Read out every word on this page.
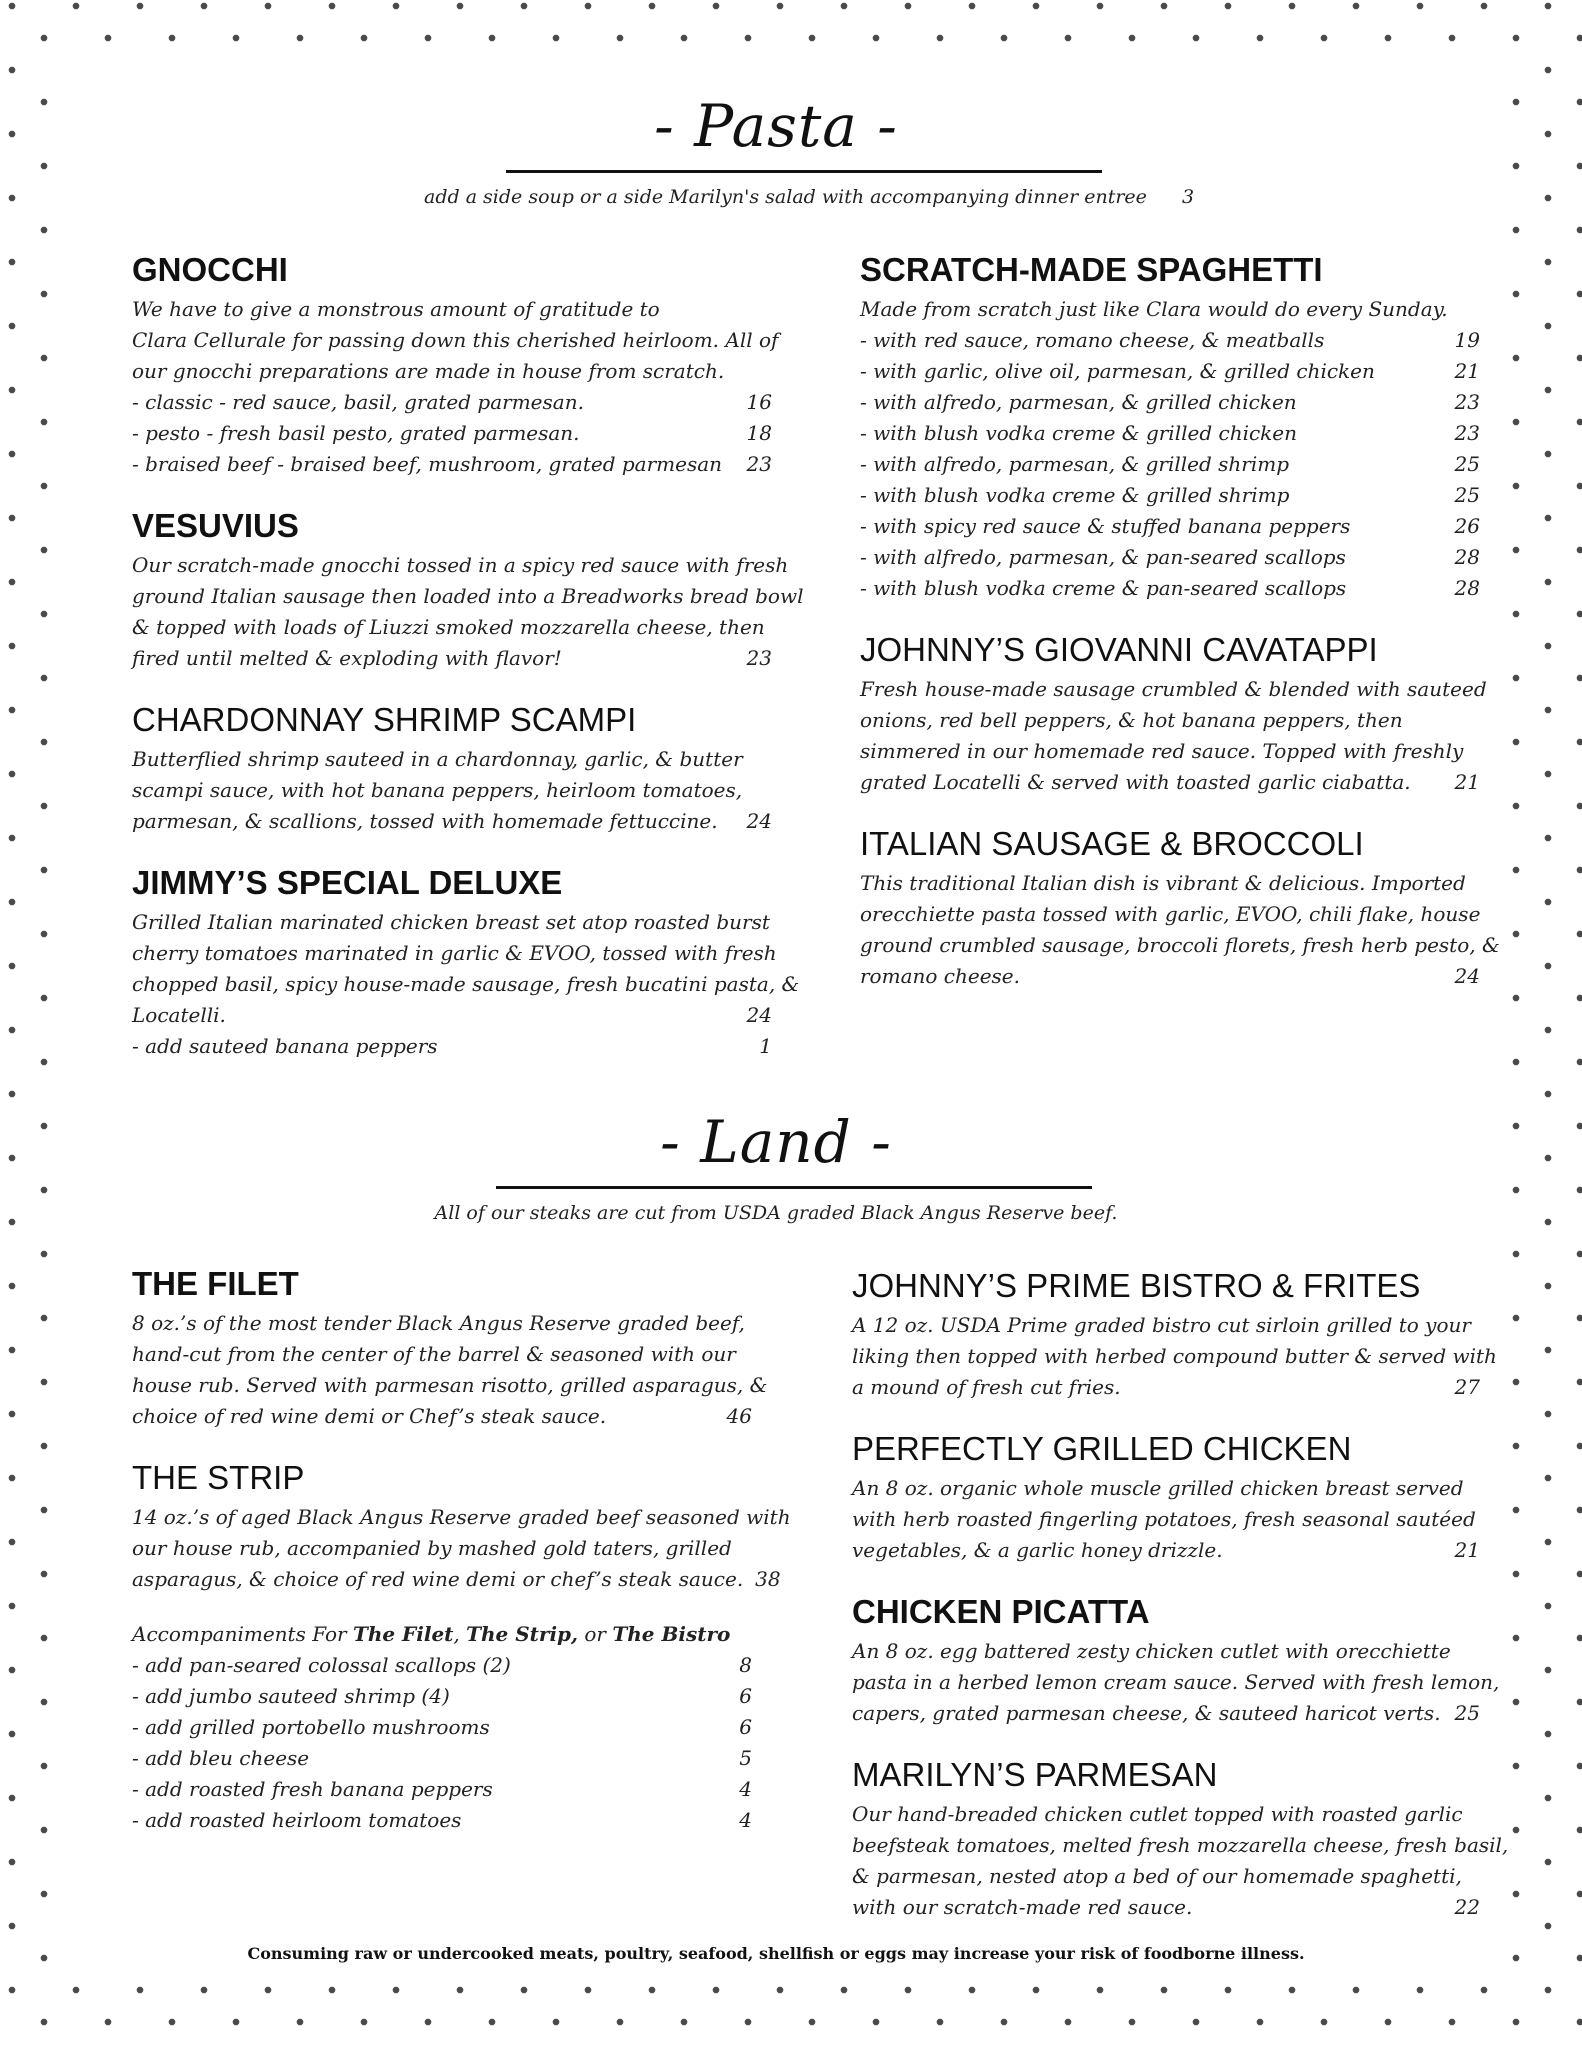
- Pasta -
add a side soup or a side Marilyn's salad with accompanying dinner entree 3
GNOCCHI
We have to give a monstrous amount of gratitude to
Clara Cellurale for passing down this cherished heirloom. All of
our gnocchi preparations are made in house from scratch.
- classic - red sauce, basil, grated parmesan.	16
- pesto - fresh basil pesto, grated parmesan.	18
- braised beef - braised beef, mushroom, grated parmesan	23
VESUVIUS
Our scratch-made gnocchi tossed in a spicy red sauce with fresh
ground Italian sausage then loaded into a Breadworks bread bowl
& topped with loads of Liuzzi smoked mozzarella cheese, then
fired until melted & exploding with flavor!	23
CHARDONNAY SHRIMP SCAMPI
Butterflied shrimp sauteed in a chardonnay, garlic, & butter
scampi sauce, with hot banana peppers, heirloom tomatoes,
parmesan, & scallions, tossed with homemade fettuccine.	24
JIMMY’S SPECIAL DELUXE
Grilled Italian marinated chicken breast set atop roasted burst
cherry tomatoes marinated in garlic & EVOO, tossed with fresh
chopped basil, spicy house-made sausage, fresh bucatini pasta, &
Locatelli.	24
- add sauteed banana peppers	1
SCRATCH-MADE SPAGHETTI
Made from scratch just like Clara would do every Sunday.
- with red sauce, romano cheese, & meatballs	19
- with garlic, olive oil, parmesan, & grilled chicken	21
- with alfredo, parmesan, & grilled chicken	23
- with blush vodka creme & grilled chicken	23
- with alfredo, parmesan, & grilled shrimp	25
- with blush vodka creme & grilled shrimp	25
- with spicy red sauce & stuffed banana peppers	26
- with alfredo, parmesan, & pan-seared scallops	28
- with blush vodka creme & pan-seared scallops	28
JOHNNY’S GIOVANNI CAVATAPPI
Fresh house-made sausage crumbled & blended with sauteed
onions, red bell peppers, & hot banana peppers, then
simmered in our homemade red sauce. Topped with freshly
grated Locatelli & served with toasted garlic ciabatta.	21
ITALIAN SAUSAGE & BROCCOLI
This traditional Italian dish is vibrant & delicious. Imported
orecchiette pasta tossed with garlic, EVOO, chili flake, house
ground crumbled sausage, broccoli florets, fresh herb pesto, &
romano cheese.	24
- Land -
All of our steaks are cut from USDA graded Black Angus Reserve beef.
THE FILET
8 oz.’s of the most tender Black Angus Reserve graded beef,
hand-cut from the center of the barrel & seasoned with our
house rub. Served with parmesan risotto, grilled asparagus, &
choice of red wine demi or Chef’s steak sauce.	46
THE STRIP
14 oz.’s of aged Black Angus Reserve graded beef seasoned with
our house rub, accompanied by mashed gold taters, grilled
asparagus, & choice of red wine demi or chef’s steak sauce. 38
Accompaniments For The Filet, The Strip, or The Bistro
- add pan-seared colossal scallops (2)	8
- add jumbo sauteed shrimp (4)	6
- add grilled portobello mushrooms	6
- add bleu cheese	5
- add roasted fresh banana peppers	4
- add roasted heirloom tomatoes	4
JOHNNY’S PRIME BISTRO & FRITES
A 12 oz. USDA Prime graded bistro cut sirloin grilled to your
liking then topped with herbed compound butter & served with
a mound of fresh cut fries.	27
PERFECTLY GRILLED CHICKEN
An 8 oz. organic whole muscle grilled chicken breast served
with herb roasted fingerling potatoes, fresh seasonal sautéed
vegetables, & a garlic honey drizzle.	21
CHICKEN PICATTA
An 8 oz. egg battered zesty chicken cutlet with orecchiette
pasta in a herbed lemon cream sauce. Served with fresh lemon,
capers, grated parmesan cheese, & sauteed haricot verts. 25
MARILYN’S PARMESAN
Our hand-breaded chicken cutlet topped with roasted garlic
beefsteak tomatoes, melted fresh mozzarella cheese, fresh basil,
& parmesan, nested atop a bed of our homemade spaghetti,
with our scratch-made red sauce.	22
Consuming raw or undercooked meats, poultry, seafood, shellfish or eggs may increase your risk of foodborne illness.
